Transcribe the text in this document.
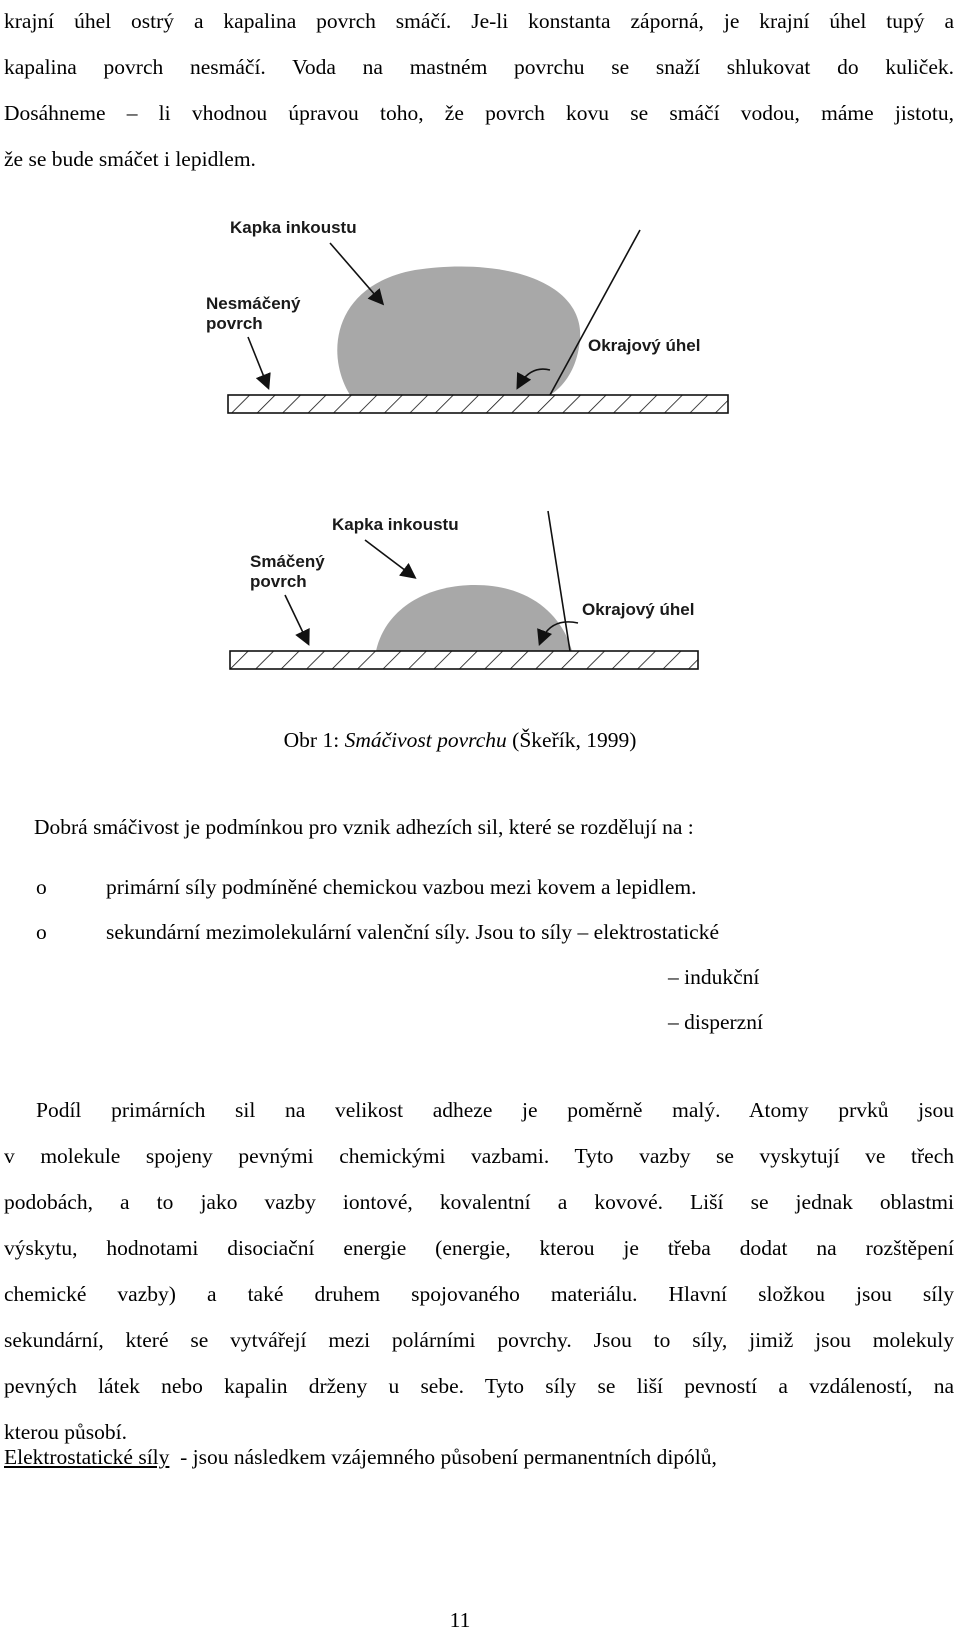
krajní úhel ostrý a kapalina povrch smáčí. Je-li konstanta záporná, je krajní úhel tupý a
kapalina povrch nesmáčí. Voda na mastném povrchu se snaží shlukovat do kuliček.
Dosáhneme – li vhodnou úpravou toho, že povrch kovu se smáčí vodou, máme jistotu,
že se bude smáčet i lepidlem.
Kapka inkoustu
Nesmáčený
povrch
Okrajový úhel
Kapka inkoustu
Smáčený
povrch
Okrajový úhel
Obr 1: Smáčivost povrchu (Škeřík, 1999)
Dobrá smáčivost je podmínkou pro vznik adhezích sil, které se rozdělují na :
o	primární síly podmíněné chemickou vazbou mezi kovem a lepidlem.
o	sekundární mezimolekulární valenční síly. Jsou to síly – elektrostatické
– indukční
– disperzní
Podíl primárních sil na velikost adheze je poměrně malý. Atomy prvků jsou
v molekule spojeny pevnými chemickými vazbami. Tyto vazby se vyskytují ve třech
podobách, a to jako vazby iontové, kovalentní a kovové. Liší se jednak oblastmi
výskytu, hodnotami disociační energie (energie, kterou je třeba dodat na rozštěpení
chemické vazby) a také druhem spojovaného materiálu. Hlavní složkou jsou síly
sekundární, které se vytvářejí mezi polárními povrchy. Jsou to síly, jimiž jsou molekuly
pevných látek nebo kapalin drženy u sebe. Tyto síly se liší pevností a vzdáleností, na
kterou působí.
Elektrostatické síly  - jsou následkem vzájemného působení permanentních dipólů,
11
